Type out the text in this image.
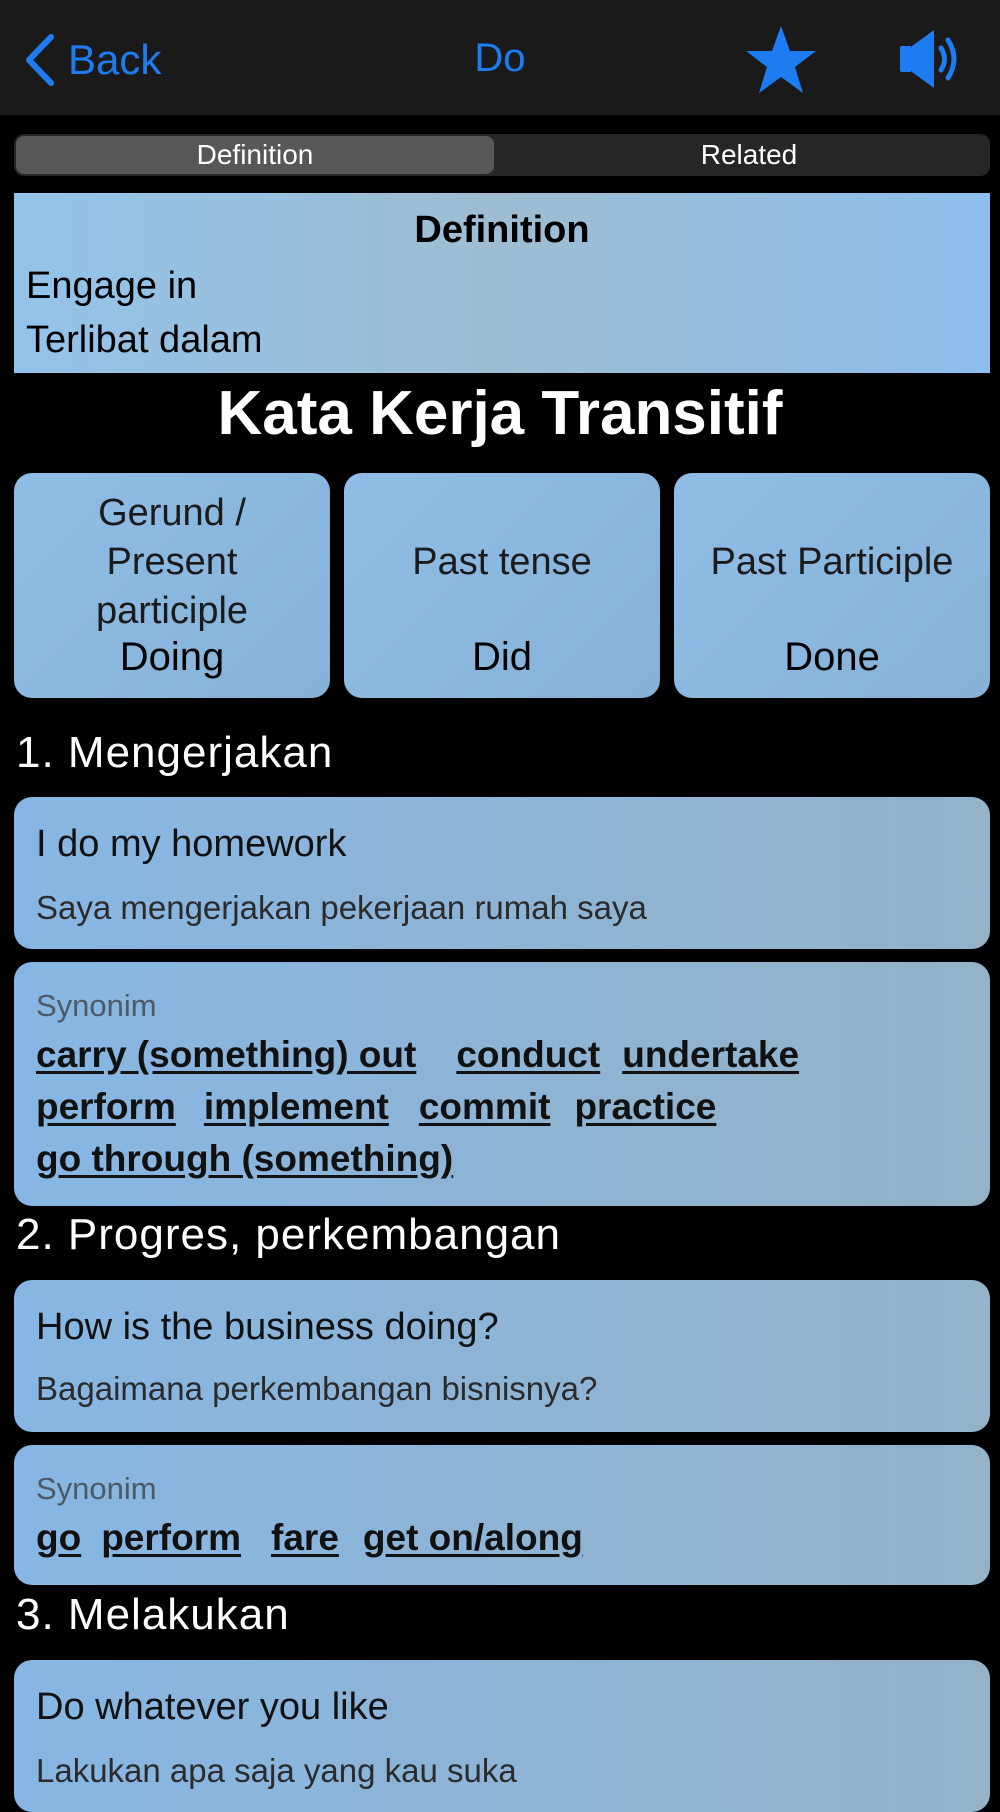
Back	Do
Definition	Related
Definition
Engage in
Terlibat dalam
Kata Kerja Transitif
Gerund /
Present
participle
Doing
Past tense
Did
Past Participle
Done
1. Mengerjakan
I do my homework
Saya mengerjakan pekerjaan rumah saya
Synonim
carry (something) out conduct undertake
perform implement commit practice
go through (something)
2. Progres, perkembangan
How is the business doing?
Bagaimana perkembangan bisnisnya?
Synonim
go perform fare get on/along
3. Melakukan
Do whatever you like
Lakukan apa saja yang kau suka
